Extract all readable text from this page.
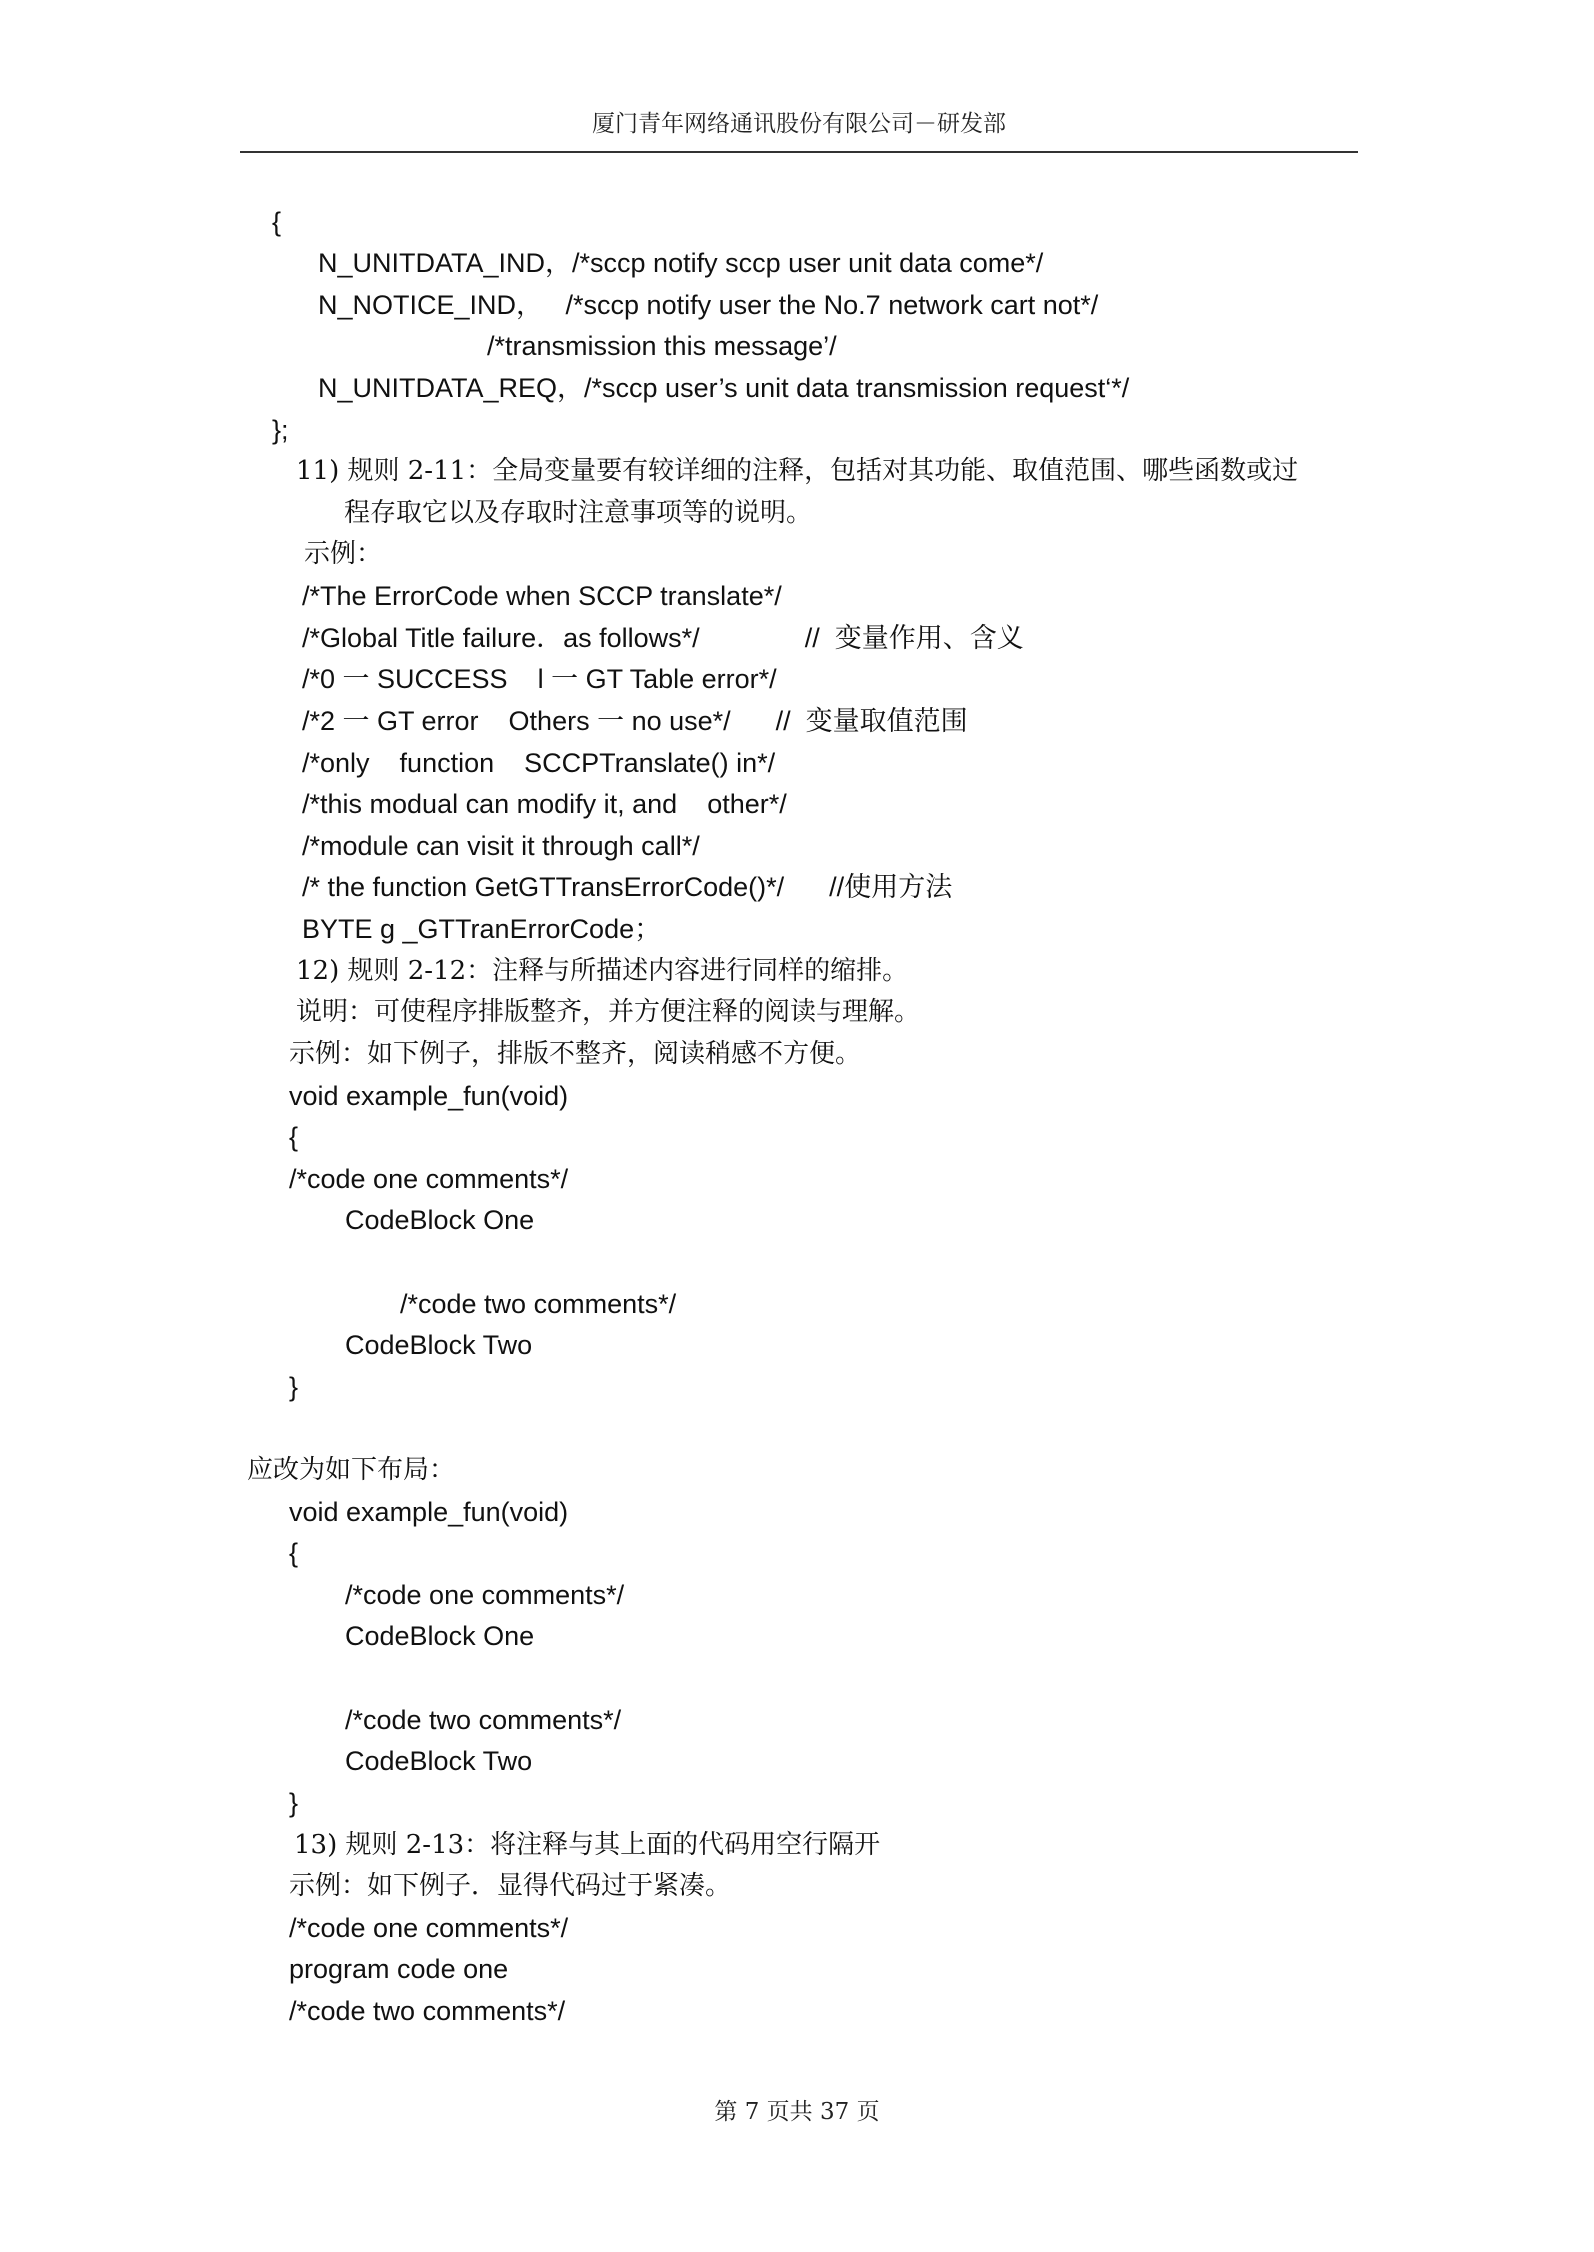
厦门青年网络通讯股份有限公司－研发部
{
N_UNITDATA_IND，/*sccp notify sccp user unit data come*/
N_NOTICE_IND，   /*sccp notify user the No.7 network cart not*/
/*transmission this message’/
N_UNITDATA_REQ，/*sccp user’s unit data transmission request‘*/
};
11) 规则 2-11：全局变量要有较详细的注释，包括对其功能、取值范围、哪些函数或过
程存取它以及存取时注意事项等的说明。
示例：
/*The ErrorCode when SCCP translate*/
/*Global Title failure．as follows*/              //  变量作用、含义
/*0 一 SUCCESS    l 一 GT Table error*/
/*2 一 GT error    Others 一 no use*/      //  变量取值范围
/*only    function    SCCPTranslate() in*/
/*this modual can modify it, and    other*/
/*module can visit it through call*/
/* the function GetGTTransErrorCode()*/      //使用方法
BYTE g _GTTranErrorCode；
12) 规则 2-12：注释与所描述内容进行同样的缩排。
说明：可使程序排版整齐，并方便注释的阅读与理解。
示例：如下例子，排版不整齐，阅读稍感不方便。
void example_fun(void)
{
/*code one comments*/
CodeBlock One
/*code two comments*/
CodeBlock Two
}
应改为如下布局：
void example_fun(void)
{
/*code one comments*/
CodeBlock One
/*code two comments*/
CodeBlock Two
}
13) 规则 2-13：将注释与其上面的代码用空行隔开
示例：如下例子．显得代码过于紧凑。
/*code one comments*/
program code one
/*code two comments*/
第 7 页共 37 页
